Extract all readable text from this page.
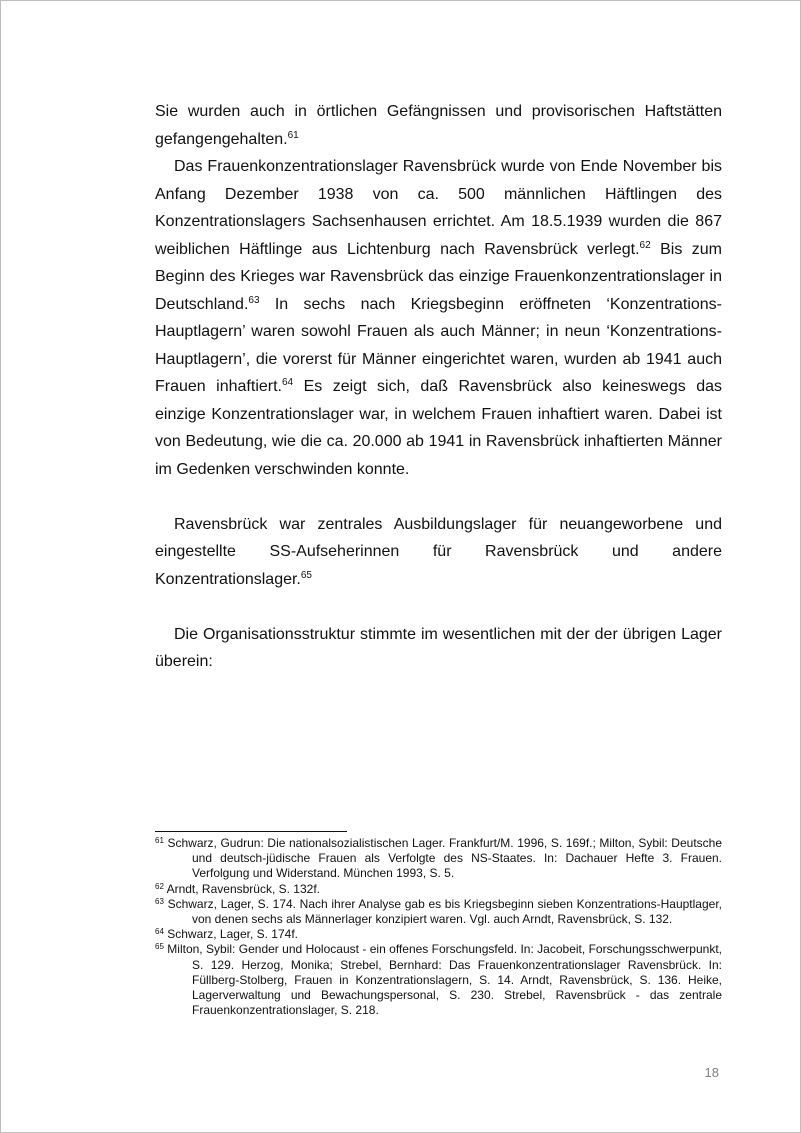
Sie wurden auch in örtlichen Gefängnissen und provisorischen Haftstätten gefangengehalten.$^{61}$

Das Frauenkonzentrationslager Ravensbrück wurde von Ende November bis Anfang Dezember 1938 von ca. 500 männlichen Häftlingen des Konzentrationslagers Sachsenhausen errichtet. Am 18.5.1939 wurden die 867 weiblichen Häftlinge aus Lichtenburg nach Ravensbrück verlegt.$^{62}$ Bis zum Beginn des Krieges war Ravensbrück das einzige Frauenkonzentrationslager in Deutschland.$^{63}$ In sechs nach Kriegsbeginn eröffneten ‘Konzentrations-Hauptlagern’ waren sowohl Frauen als auch Männer; in neun ‘Konzentrations-Hauptlagern’, die vorerst für Männer eingerichtet waren, wurden ab 1941 auch Frauen inhaftiert.$^{64}$ Es zeigt sich, daß Ravensbrück also keineswegs das einzige Konzentrationslager war, in welchem Frauen inhaftiert waren. Dabei ist von Bedeutung, wie die ca. 20.000 ab 1941 in Ravensbrück inhaftierten Männer im Gedenken verschwinden konnte.

Ravensbrück war zentrales Ausbildungslager für neuangeworbene und eingestellte SS-Aufseherinnen für Ravensbrück und andere Konzentrationslager.$^{65}$

Die Organisationsstruktur stimmte im wesentlichen mit der der übrigen Lager überein:

$^{61}$ Schwarz, Gudrun: Die nationalsozialistischen Lager. Frankfurt/M. 1996, S. 169f.; Milton, Sybil: Deutsche und deutsch-jüdische Frauen als Verfolgte des NS-Staates. In: Dachauer Hefte 3. Frauen. Verfolgung und Widerstand. München 1993, S. 5.

$^{62}$ Arndt, Ravensbrück, S. 132f.

$^{63}$ Schwarz, Lager, S. 174. Nach ihrer Analyse gab es bis Kriegsbeginn sieben Konzentrations-Hauptlager, von denen sechs als Männerlager konzipiert waren. Vgl. auch Arndt, Ravensbrück, S. 132.

$^{64}$ Schwarz, Lager, S. 174f.

$^{65}$ Milton, Sybil: Gender und Holocaust - ein offenes Forschungsfeld. In: Jacobeit, Forschungsschwerpunkt, S. 129. Herzog, Monika; Strebel, Bernhard: Das Frauenkonzentrationslager Ravensbrück. In: Füllberg-Stolberg, Frauen in Konzentrationslagern, S. 14. Arndt, Ravensbrück, S. 136. Heike, Lagerverwaltung und Bewachungspersonal, S. 230. Strebel, Ravensbrück - das zentrale Frauenkonzentrationslager, S. 218.

18
